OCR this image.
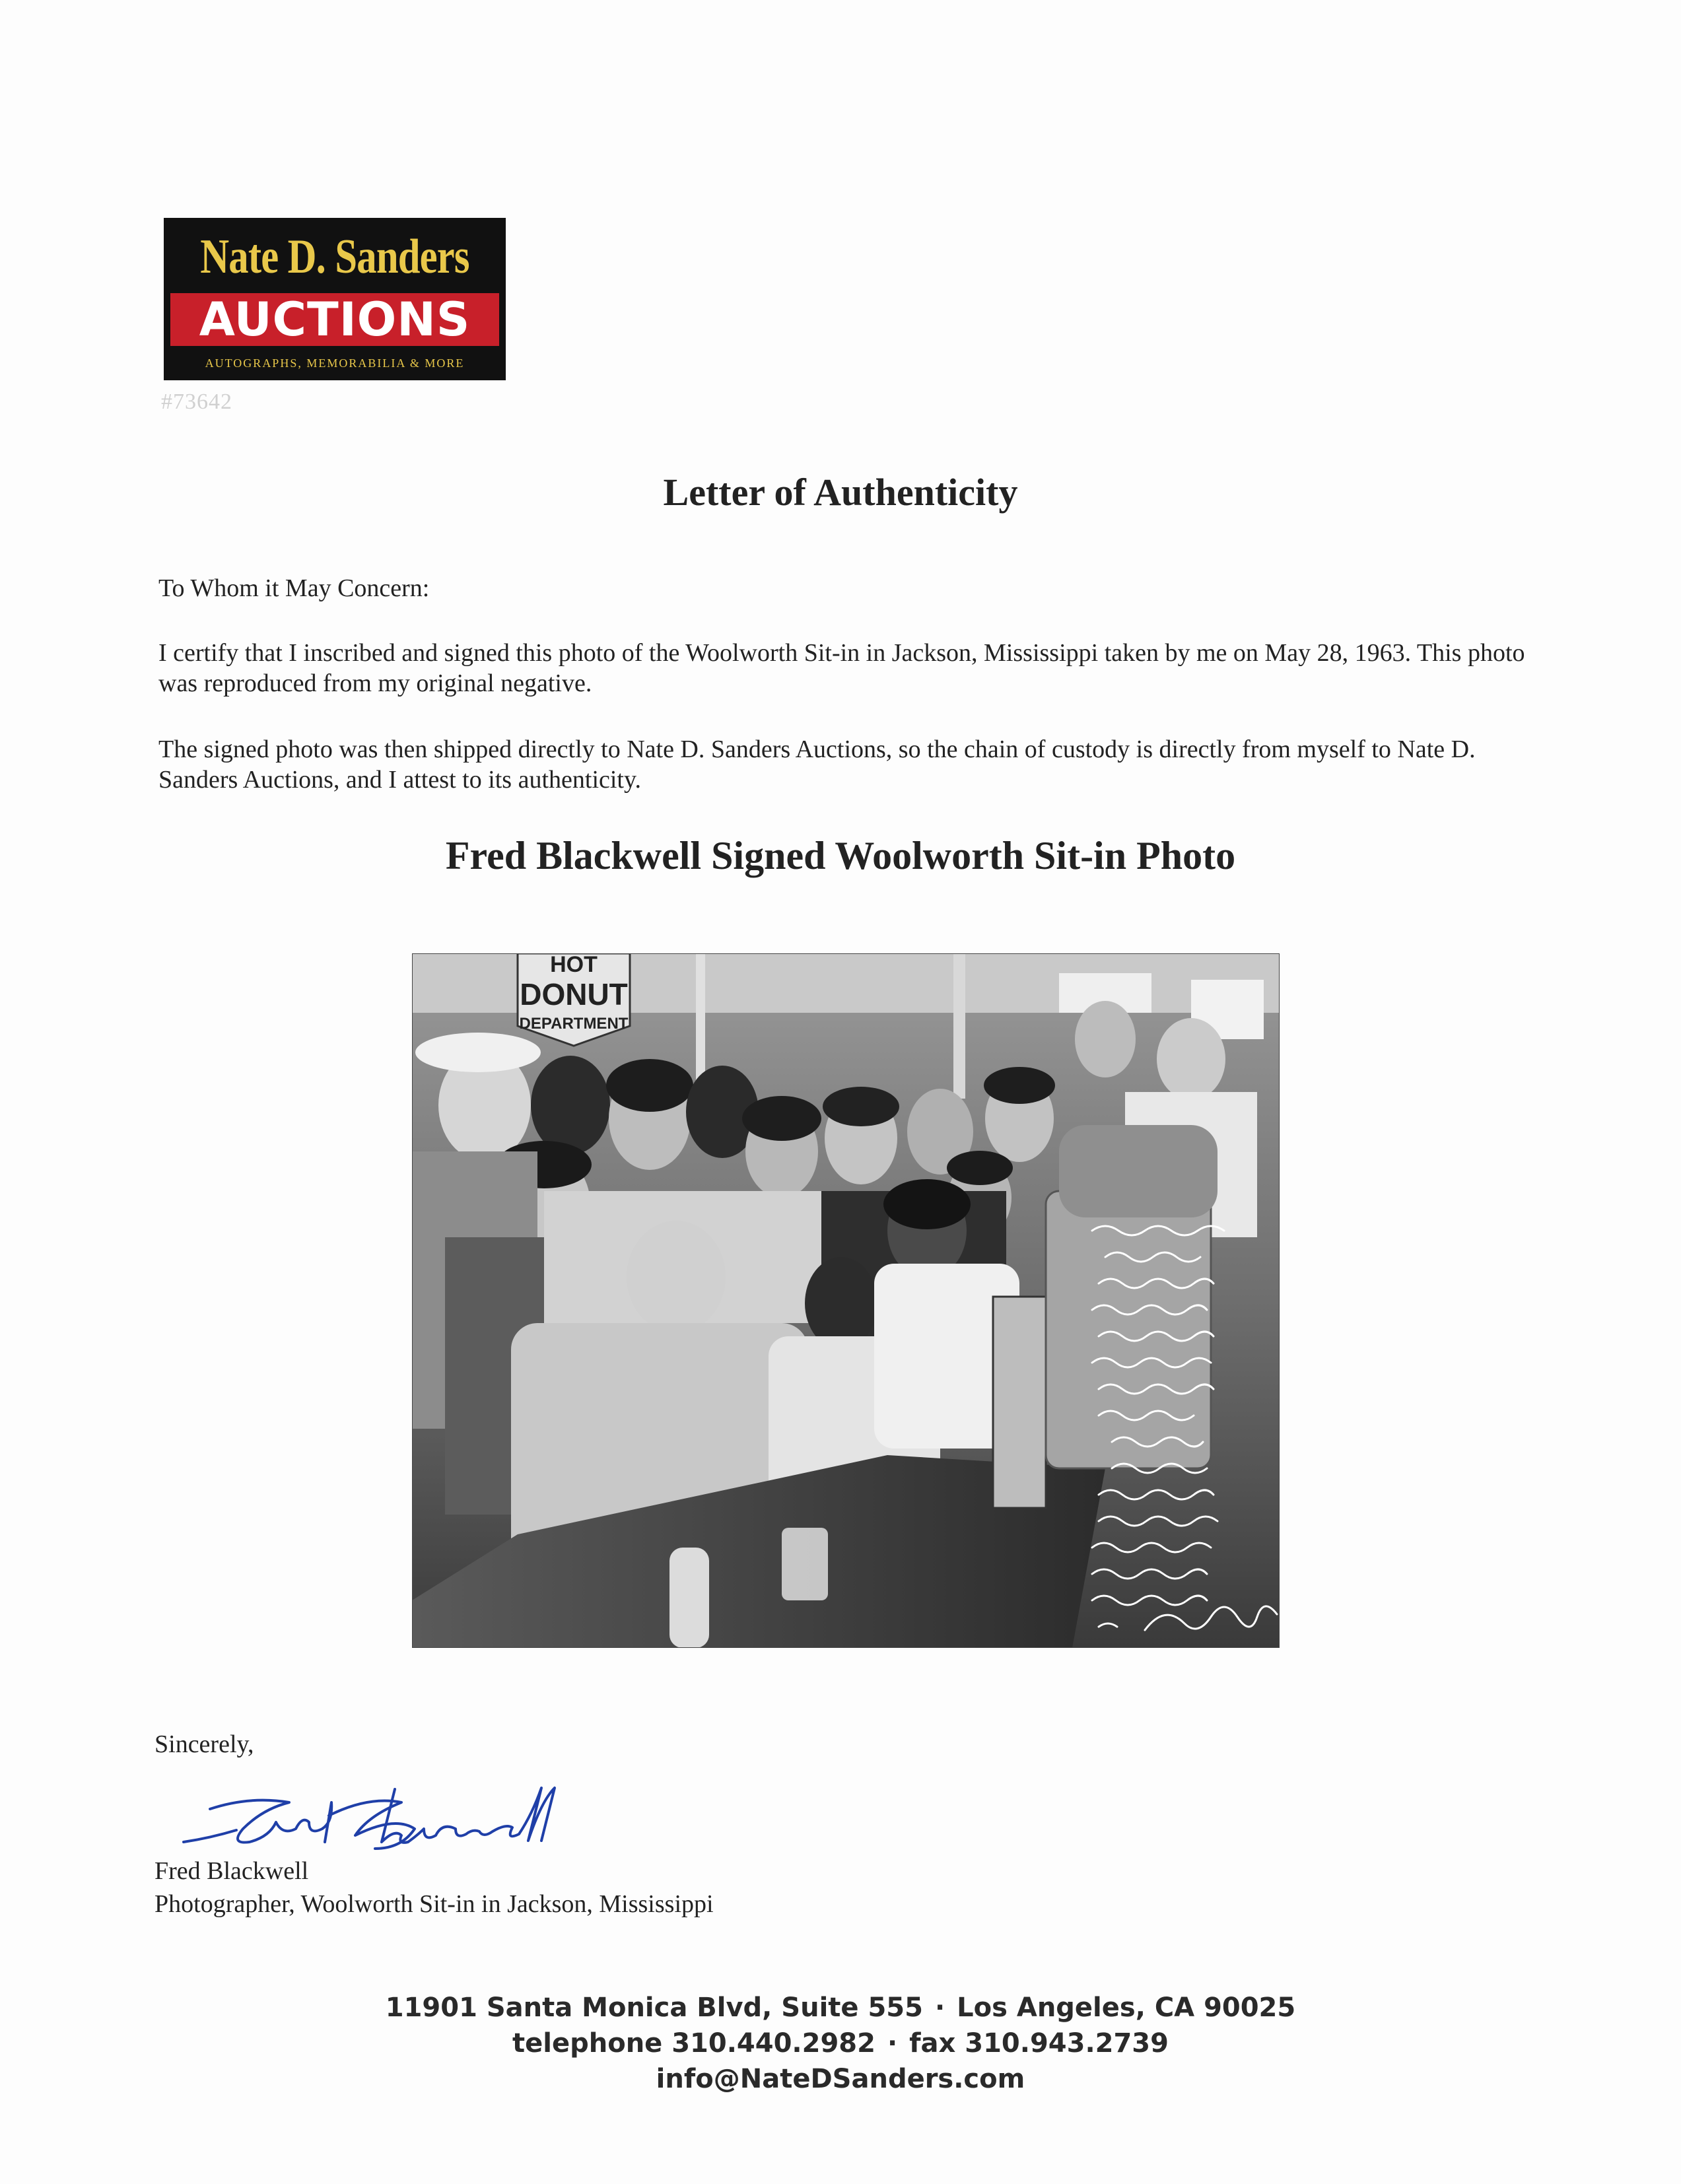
Nate D. Sanders
AUCTIONS
AUTOGRAPHS, MEMORABILIA & MORE
#73642
Letter of Authenticity
To Whom it May Concern:
I certify that I inscribed and signed this photo of the Woolworth Sit-in in Jackson, Mississippi taken by me on May 28, 1963. This photo was reproduced from my original negative.
The signed photo was then shipped directly to Nate D. Sanders Auctions, so the chain of custody is directly from myself to Nate D. Sanders Auctions, and I attest to its authenticity.
Fred Blackwell Signed Woolworth Sit-in Photo
HOT
DONUT
DEPARTMENT
Sincerely,
Fred Blackwell
Photographer, Woolworth Sit-in in Jackson, Mississippi
11901 Santa Monica Blvd, Suite 555 · Los Angeles, CA 90025
telephone 310.440.2982 · fax 310.943.2739
info@NateDSanders.com
